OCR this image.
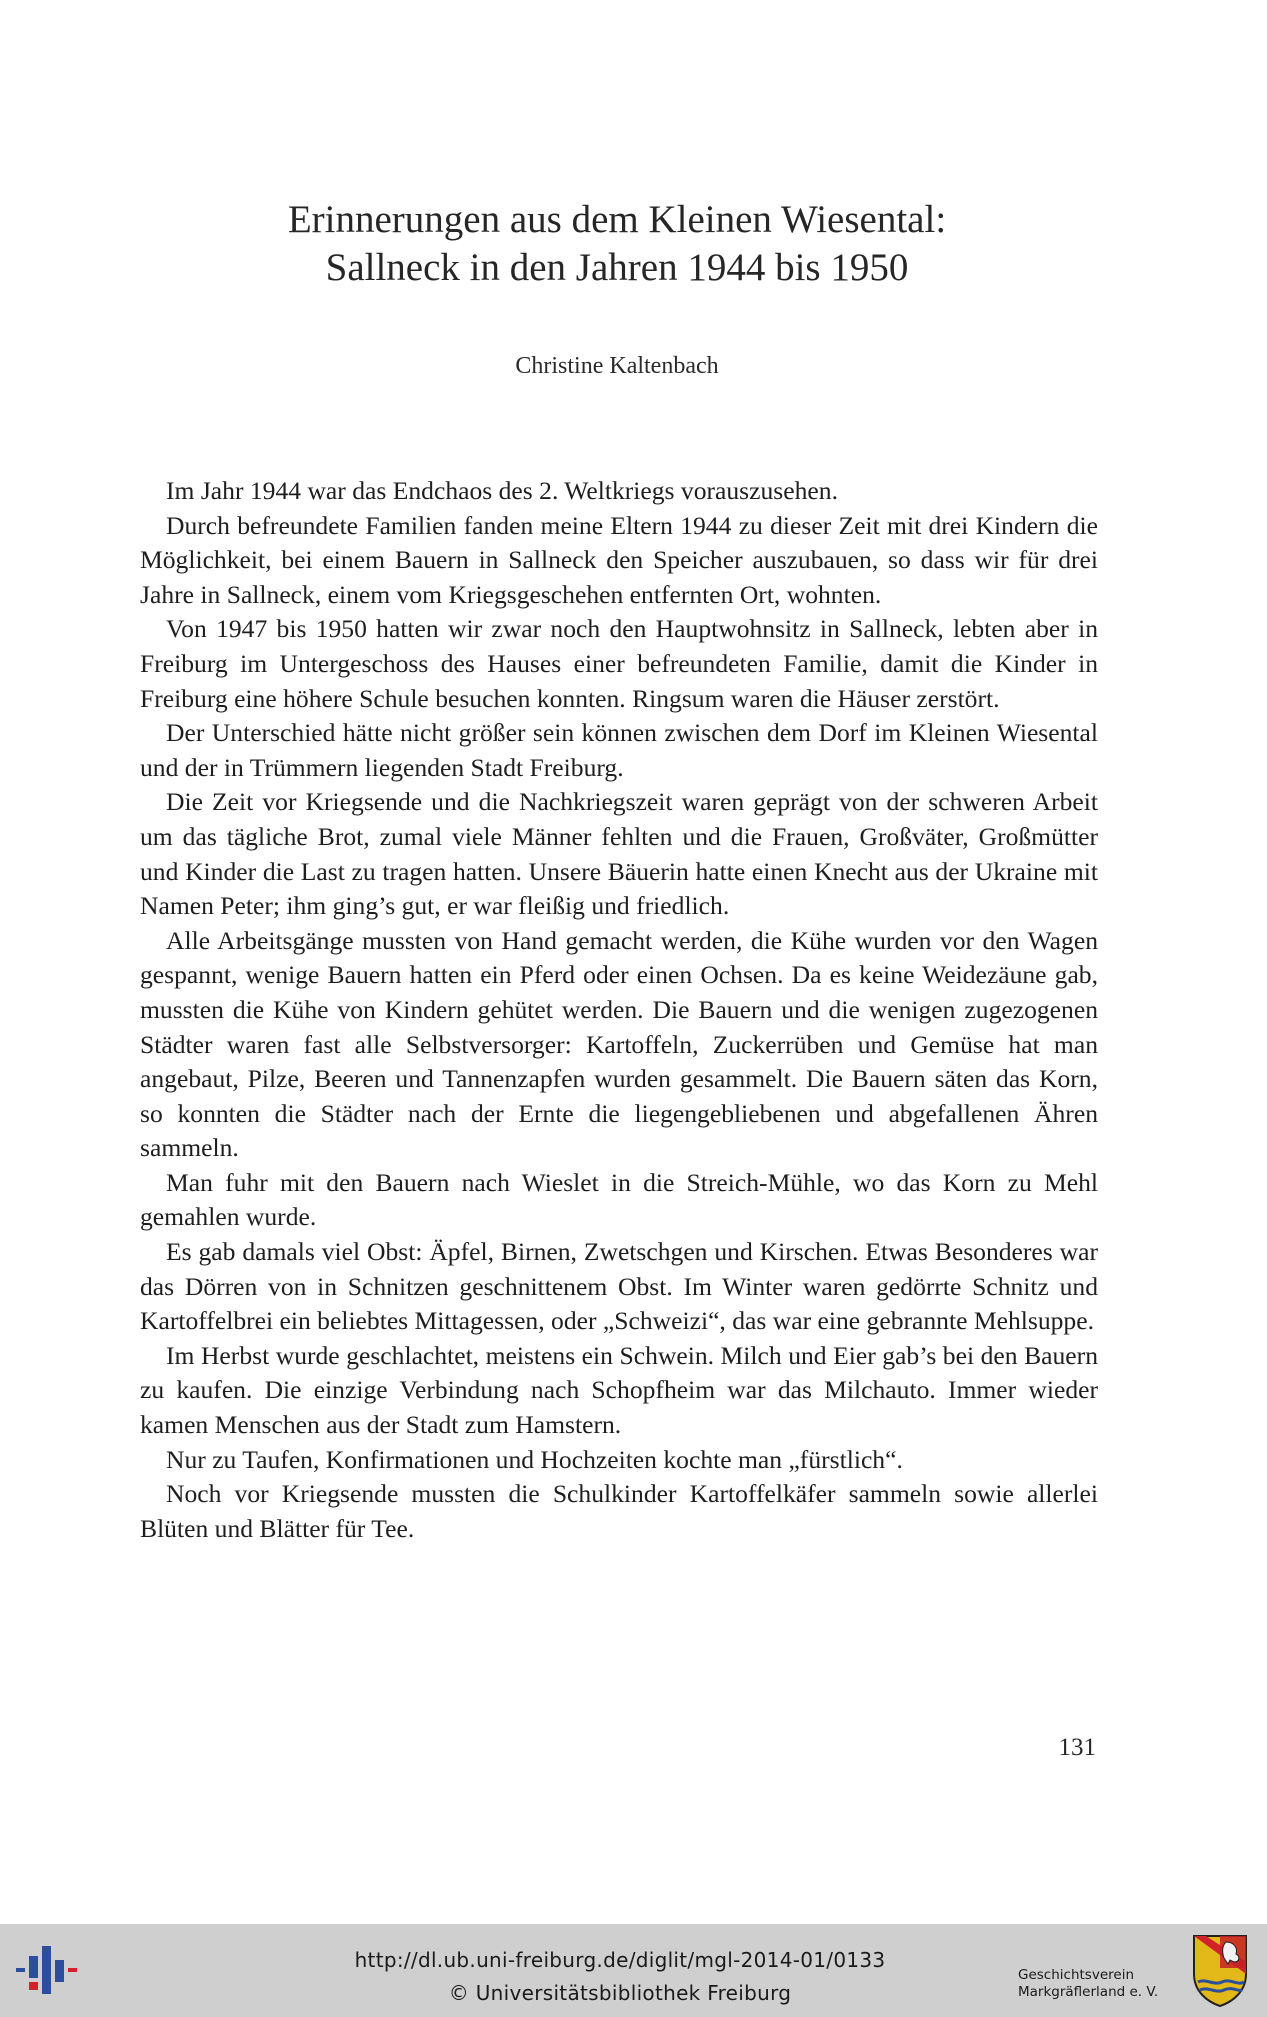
Erinnerungen aus dem Kleinen Wiesental:
Sallneck in den Jahren 1944 bis 1950
Christine Kaltenbach

Im Jahr 1944 war das Endchaos des 2. Weltkriegs vorauszusehen.

Durch befreundete Familien fanden meine Eltern 1944 zu dieser Zeit mit drei Kindern die Möglichkeit, bei einem Bauern in Sallneck den Speicher auszubauen, so dass wir für drei Jahre in Sallneck, einem vom Kriegsgeschehen entfernten Ort, wohnten.

Von 1947 bis 1950 hatten wir zwar noch den Hauptwohnsitz in Sallneck, lebten aber in Freiburg im Untergeschoss des Hauses einer befreundeten Familie, damit die Kinder in Freiburg eine höhere Schule besuchen konnten. Ringsum waren die Häuser zerstört.

Der Unterschied hätte nicht größer sein können zwischen dem Dorf im Kleinen Wiesental und der in Trümmern liegenden Stadt Freiburg.

Die Zeit vor Kriegsende und die Nachkriegszeit waren geprägt von der schweren Arbeit um das tägliche Brot, zumal viele Männer fehlten und die Frauen, Großväter, Großmütter und Kinder die Last zu tragen hatten. Unsere Bäuerin hatte einen Knecht aus der Ukraine mit Namen Peter; ihm ging’s gut, er war fleißig und friedlich.

Alle Arbeitsgänge mussten von Hand gemacht werden, die Kühe wurden vor den Wagen gespannt, wenige Bauern hatten ein Pferd oder einen Ochsen. Da es keine Weidezäune gab, mussten die Kühe von Kindern gehütet werden. Die Bauern und die wenigen zugezogenen Städter waren fast alle Selbstversorger: Kartoffeln, Zuckerrüben und Gemüse hat man angebaut, Pilze, Beeren und Tannenzapfen wurden gesammelt. Die Bauern säten das Korn, so konnten die Städter nach der Ernte die liegengebliebenen und abgefallenen Ähren sammeln.

Man fuhr mit den Bauern nach Wieslet in die Streich-Mühle, wo das Korn zu Mehl gemahlen wurde.

Es gab damals viel Obst: Äpfel, Birnen, Zwetschgen und Kirschen. Etwas Besonderes war das Dörren von in Schnitzen geschnittenem Obst. Im Winter waren gedörrte Schnitz und Kartoffelbrei ein beliebtes Mittagessen, oder „Schweizi“, das war eine gebrannte Mehlsuppe.

Im Herbst wurde geschlachtet, meistens ein Schwein. Milch und Eier gab’s bei den Bauern zu kaufen. Die einzige Verbindung nach Schopfheim war das Milchauto. Immer wieder kamen Menschen aus der Stadt zum Hamstern.

Nur zu Taufen, Konfirmationen und Hochzeiten kochte man „fürstlich“.

Noch vor Kriegsende mussten die Schulkinder Kartoffelkäfer sammeln sowie allerlei Blüten und Blätter für Tee.

131
http://dl.ub.uni-freiburg.de/diglit/mgl-2014-01/0133
© Universitätsbibliothek Freiburg
Geschichtsverein
Markgräflerland e. V.
